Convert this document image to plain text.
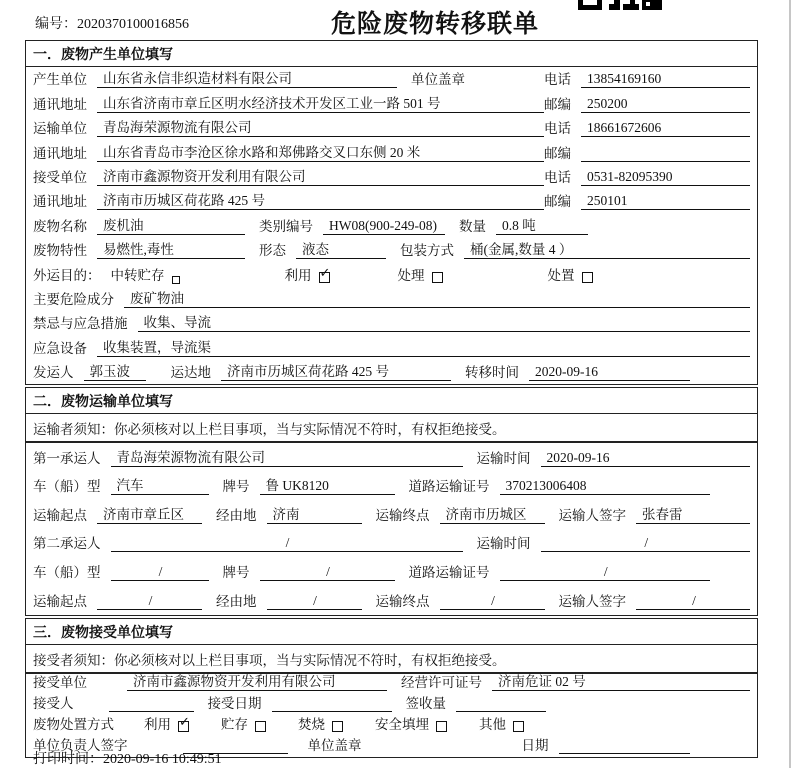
编号：2020370100016856	危险废物转移联单
一．废物产生单位填写
产生单位	山东省永信非织造材料有限公司	单位盖章	电话	13854169160
通讯地址	山东省济南市章丘区明水经济技术开发区工业一路 501 号	邮编	250200
运输单位	青岛海荣源物流有限公司	电话	18661672606
通讯地址	山东省青岛市李沧区徐水路和郑佛路交叉口东侧 20 米	邮编
接受单位	济南市鑫源物资开发利用有限公司	电话	0531-82095390
通讯地址	济南市历城区荷花路 425 号	邮编	250101
废物名称	废机油	类别编号	HW08(900-249-08)	数量	0.8 吨
废物特性	易燃性,毒性	形态	液态	包装方式	桶(金属,数量 4 ）
外运目的： 中转贮存	利用 ✓	处理	处置
主要危险成分	废矿物油
禁忌与应急措施	收集、导流
应急设备	收集装置，导流渠
发运人	郭玉波	运达地	济南市历城区荷花路 425 号	转移时间	2020-09-16
二．废物运输单位填写
运输者须知：你必须核对以上栏目事项，当与实际情况不符时，有权拒绝接受。
第一承运人	青岛海荣源物流有限公司	运输时间	2020-09-16
车（船）型	汽车	牌号	鲁 UK8120	道路运输证号	370213006408
运输起点	济南市章丘区	经由地	济南	运输终点	济南市历城区	运输人签字	张春雷
第二承运人	/	运输时间	/
车（船）型	/	牌号	/	道路运输证号	/
运输起点	/	经由地	/	运输终点	/	运输人签字	/
三．废物接受单位填写
接受者须知：你必须核对以上栏目事项，当与实际情况不符时，有权拒绝接受。
接受单位	济南市鑫源物资开发利用有限公司	经营许可证号	济南危证 02 号
接受人	接受日期	签收量
废物处置方式 利用 ✓ 贮存	焚烧	安全填埋	其他
单位负责人签字	单位盖章	日期
打印时间：2020-09-16 10:49:51
